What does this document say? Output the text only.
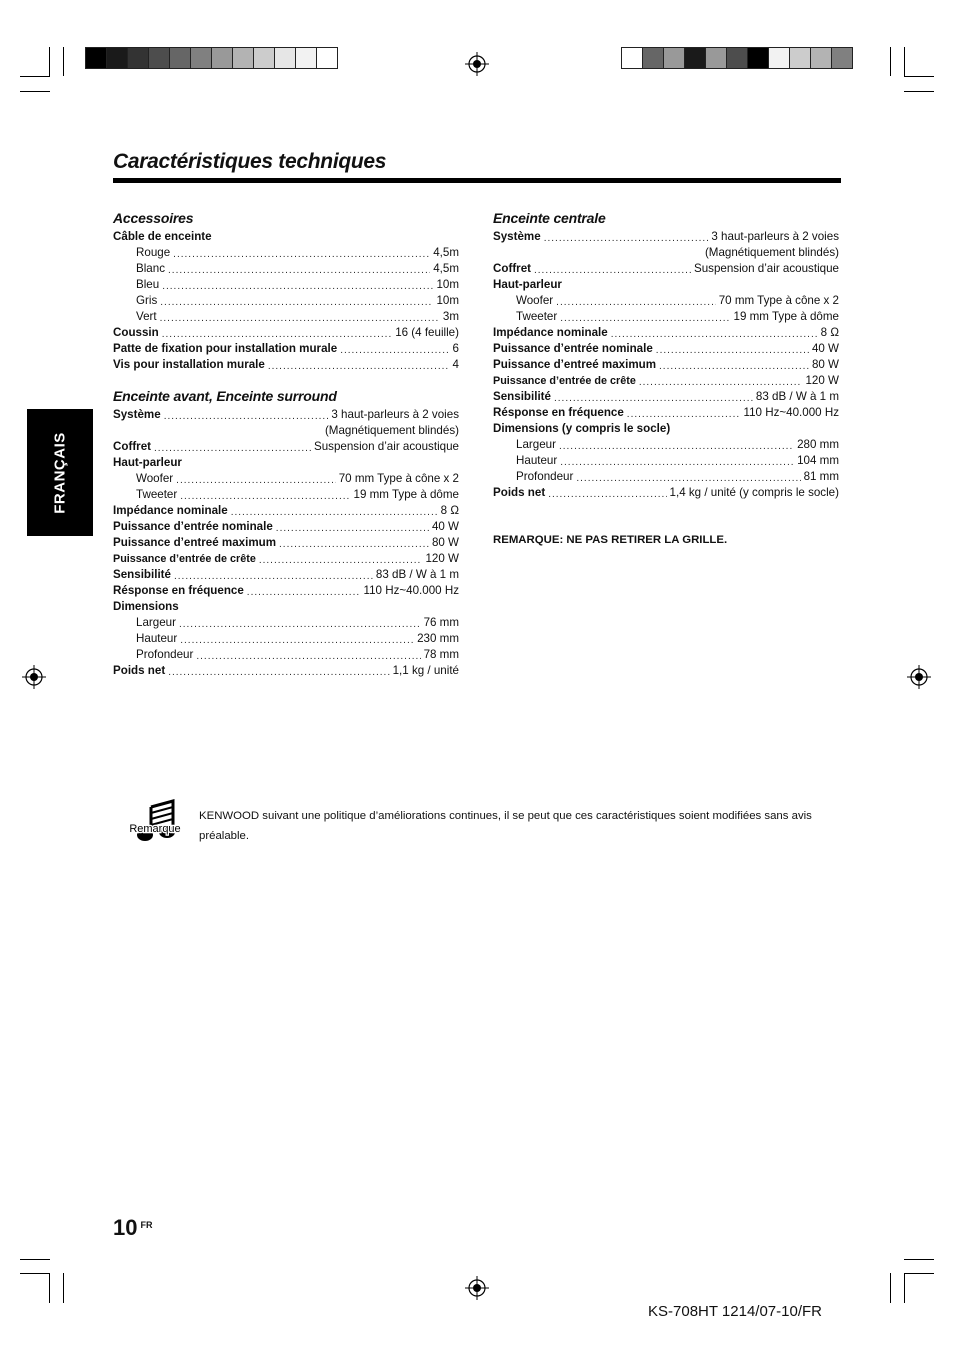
Caractéristiques techniques
FRANÇAIS
Accessoires
Câble de enceinte
Rouge .....	4,5m
Blanc .....	4,5m
Bleu .....	10m
Gris .....	10m
Vert .....	3m
Coussin .....	16 (4 feuille)
Patte de fixation pour installation murale .....	6
Vis pour installation murale .....	4
Enceinte avant, Enceinte surround
Système .....	3 haut-parleurs à 2 voies
(Magnétiquement blindés)
Coffret .....	Suspension d’air acoustique
Haut-parleur
Woofer .....	70 mm Type à cône x 2
Tweeter .....	19 mm Type à dôme
Impédance nominale .....	8 Ω
Puissance d’entrée nominale .....	40 W
Puissance d’entreé maximum .....	80 W
Puissance d’entrée de crête .....	120 W
Sensibilité .....	83 dB / W à 1 m
Résponse en fréquence .....	110 Hz~40.000 Hz
Dimensions
Largeur .....	76 mm
Hauteur .....	230 mm
Profondeur .....	78 mm
Poids net .....	1,1 kg / unité
Enceinte centrale
Système .....	3 haut-parleurs à 2 voies
(Magnétiquement blindés)
Coffret .....	Suspension d’air acoustique
Haut-parleur
Woofer .....	70 mm Type à cône x 2
Tweeter .....	19 mm Type à dôme
Impédance nominale .....	8 Ω
Puissance d’entrée nominale .....	40 W
Puissance d’entreé maximum .....	80 W
Puissance d’entrée de crête .....	120 W
Sensibilité .....	83 dB / W à 1 m
Résponse en fréquence .....	110 Hz~40.000 Hz
Dimensions (y compris le socle)
Largeur .....	280 mm
Hauteur .....	104 mm
Profondeur .....	81 mm
Poids net .....	1,4 kg / unité (y compris le socle)
REMARQUE: NE PAS RETIRER LA GRILLE.
Remarque
KENWOOD suivant une politique d’améliorations continues, il se peut que ces caractéristiques soient modifiées sans avis préalable.
10 $^{FR}$
KS-708HT 1214/07-10/FR
